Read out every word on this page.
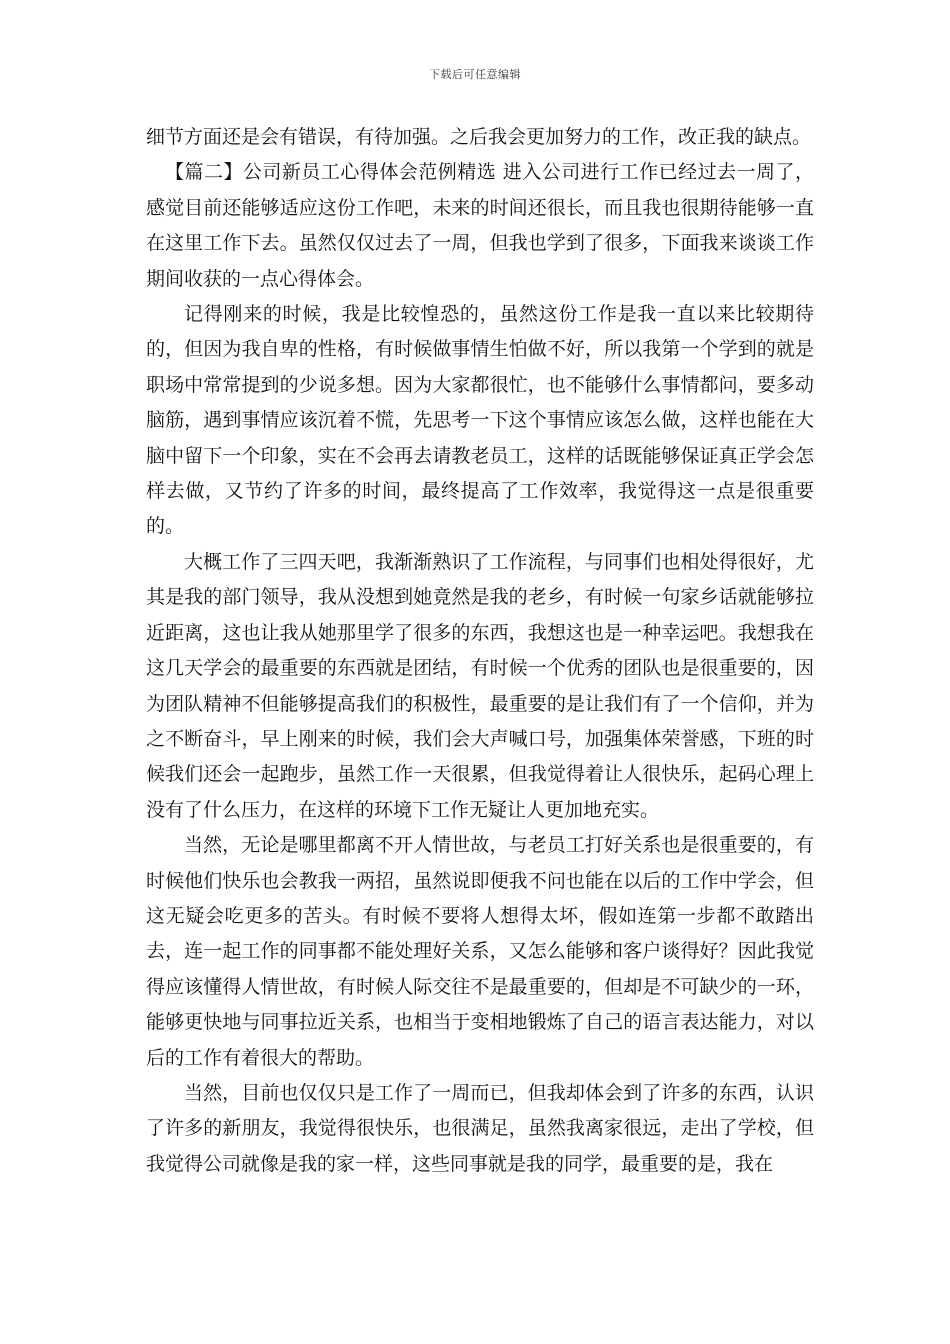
下载后可任意编辑

细节方面还是会有错误，有待加强。之后我会更加努力的工作，改正我的缺点。

【篇二】公司新员工心得体会范例精选 进入公司进行工作已经过去一周了，感觉目前还能够适应这份工作吧，未来的时间还很长，而且我也很期待能够一直在这里工作下去。虽然仅仅过去了一周，但我也学到了很多，下面我来谈谈工作期间收获的一点心得体会。

记得刚来的时候，我是比较惶恐的，虽然这份工作是我一直以来比较期待的，但因为我自卑的性格，有时候做事情生怕做不好，所以我第一个学到的就是职场中常常提到的少说多想。因为大家都很忙，也不能够什么事情都问，要多动脑筋，遇到事情应该沉着不慌，先思考一下这个事情应该怎么做，这样也能在大脑中留下一个印象，实在不会再去请教老员工，这样的话既能够保证真正学会怎样去做，又节约了许多的时间，最终提高了工作效率，我觉得这一点是很重要的。

大概工作了三四天吧，我渐渐熟识了工作流程，与同事们也相处得很好，尤其是我的部门领导，我从没想到她竟然是我的老乡，有时候一句家乡话就能够拉近距离，这也让我从她那里学了很多的东西，我想这也是一种幸运吧。我想我在这几天学会的最重要的东西就是团结，有时候一个优秀的团队也是很重要的，因为团队精神不但能够提高我们的积极性，最重要的是让我们有了一个信仰，并为之不断奋斗，早上刚来的时候，我们会大声喊口号，加强集体荣誉感，下班的时候我们还会一起跑步，虽然工作一天很累，但我觉得着让人很快乐，起码心理上没有了什么压力，在这样的环境下工作无疑让人更加地充实。

当然，无论是哪里都离不开人情世故，与老员工打好关系也是很重要的，有时候他们快乐也会教我一两招，虽然说即便我不问也能在以后的工作中学会，但这无疑会吃更多的苦头。有时候不要将人想得太坏，假如连第一步都不敢踏出去，连一起工作的同事都不能处理好关系，又怎么能够和客户谈得好？因此我觉得应该懂得人情世故，有时候人际交往不是最重要的，但却是不可缺少的一环，能够更快地与同事拉近关系，也相当于变相地锻炼了自己的语言表达能力，对以后的工作有着很大的帮助。

当然，目前也仅仅只是工作了一周而已，但我却体会到了许多的东西，认识了许多的新朋友，我觉得很快乐，也很满足，虽然我离家很远，走出了学校，但我觉得公司就像是我的家一样，这些同事就是我的同学，最重要的是，我在
